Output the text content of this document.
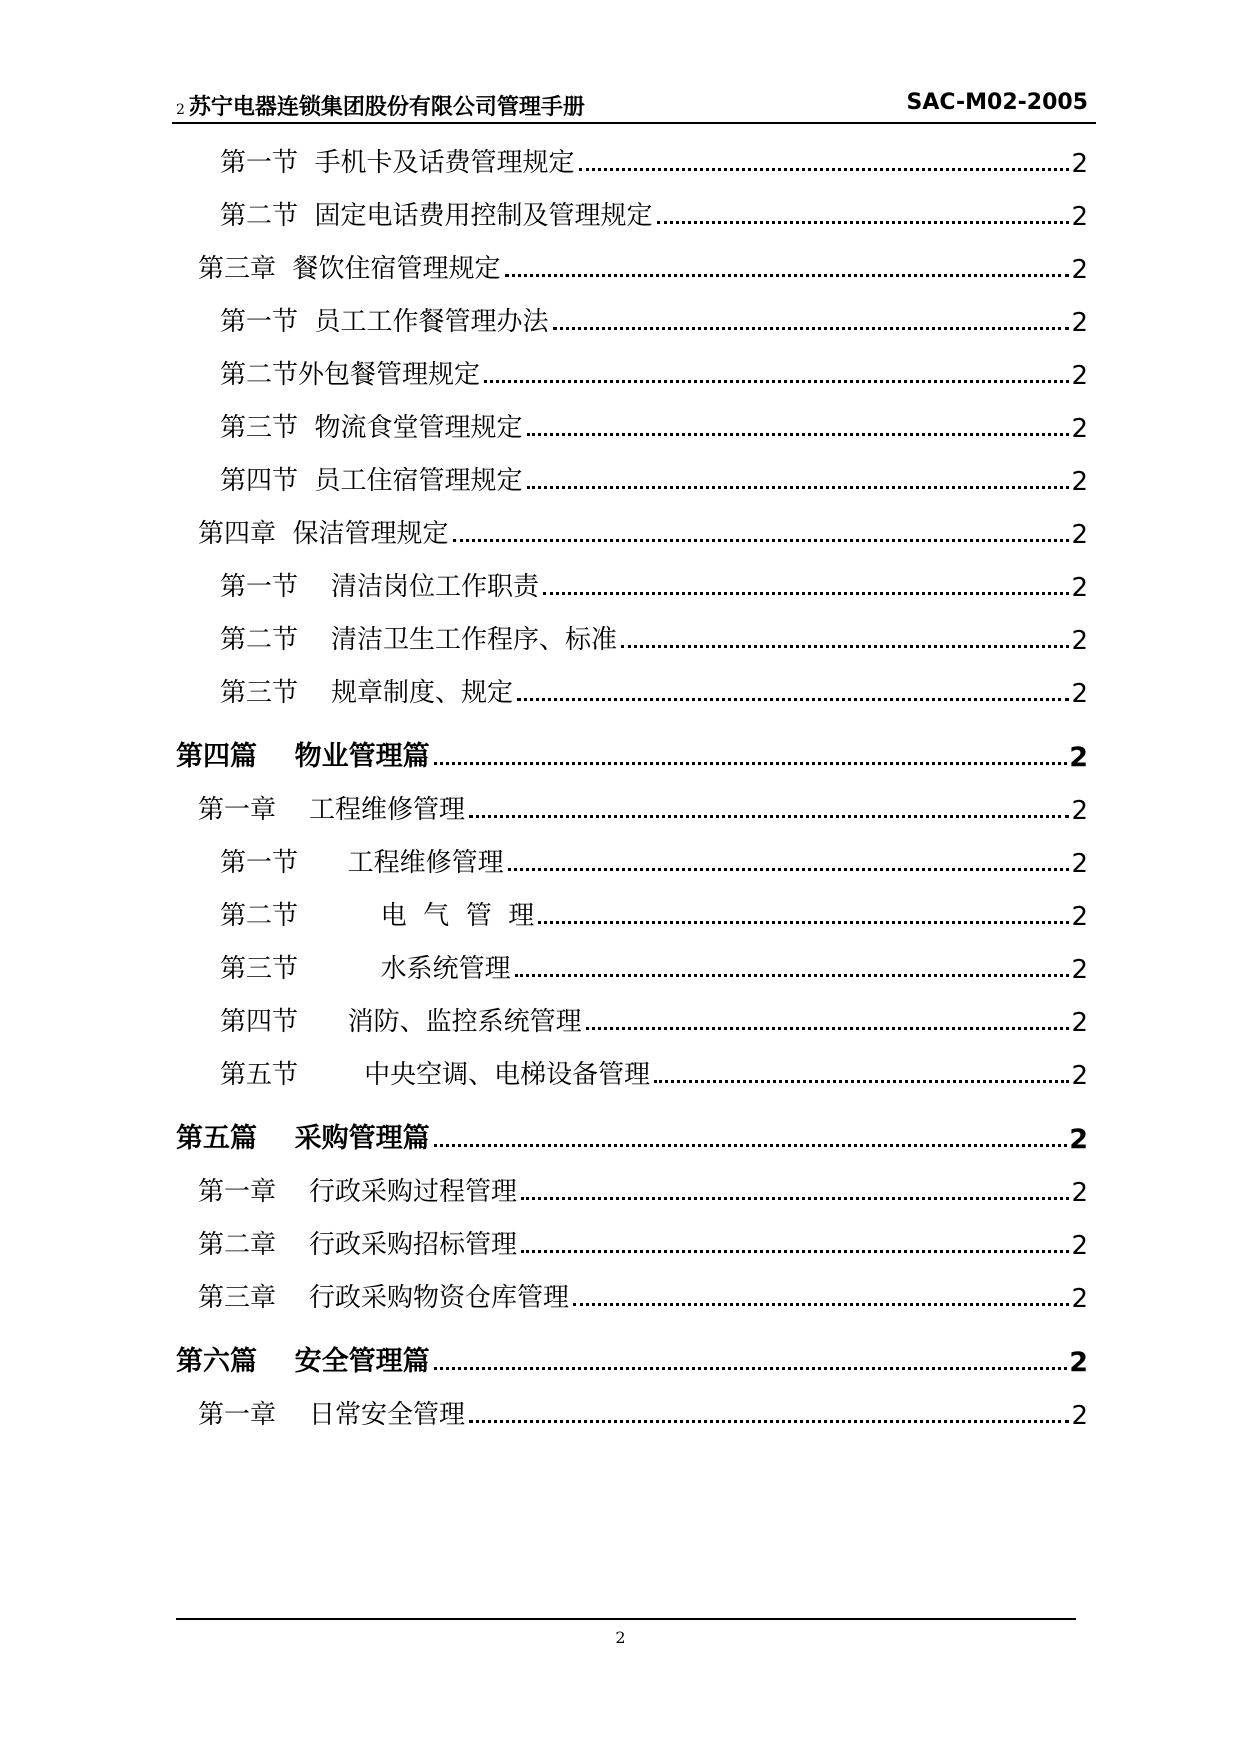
2 苏宁电器连锁集团股份有限公司管理手册	SAC-M02-2005
第一节  手机卡及话费管理规定	2
第二节  固定电话费用控制及管理规定	2
第三章  餐饮住宿管理规定	2
第一节  员工工作餐管理办法	2
第二节外包餐管理规定	2
第三节  物流食堂管理规定	2
第四节  员工住宿管理规定	2
第四章  保洁管理规定	2
第一节    清洁岗位工作职责	2
第二节    清洁卫生工作程序、标准	2
第三节    规章制度、规定	2
第四篇    物业管理篇	2
第一章    工程维修管理	2
第一节      工程维修管理	2
第二节          电  气  管  理	2
第三节          水系统管理	2
第四节      消防、监控系统管理	2
第五节        中央空调、电梯设备管理	2
第五篇    采购管理篇	2
第一章    行政采购过程管理	2
第二章    行政采购招标管理	2
第三章    行政采购物资仓库管理	2
第六篇    安全管理篇	2
第一章    日常安全管理	2
2
